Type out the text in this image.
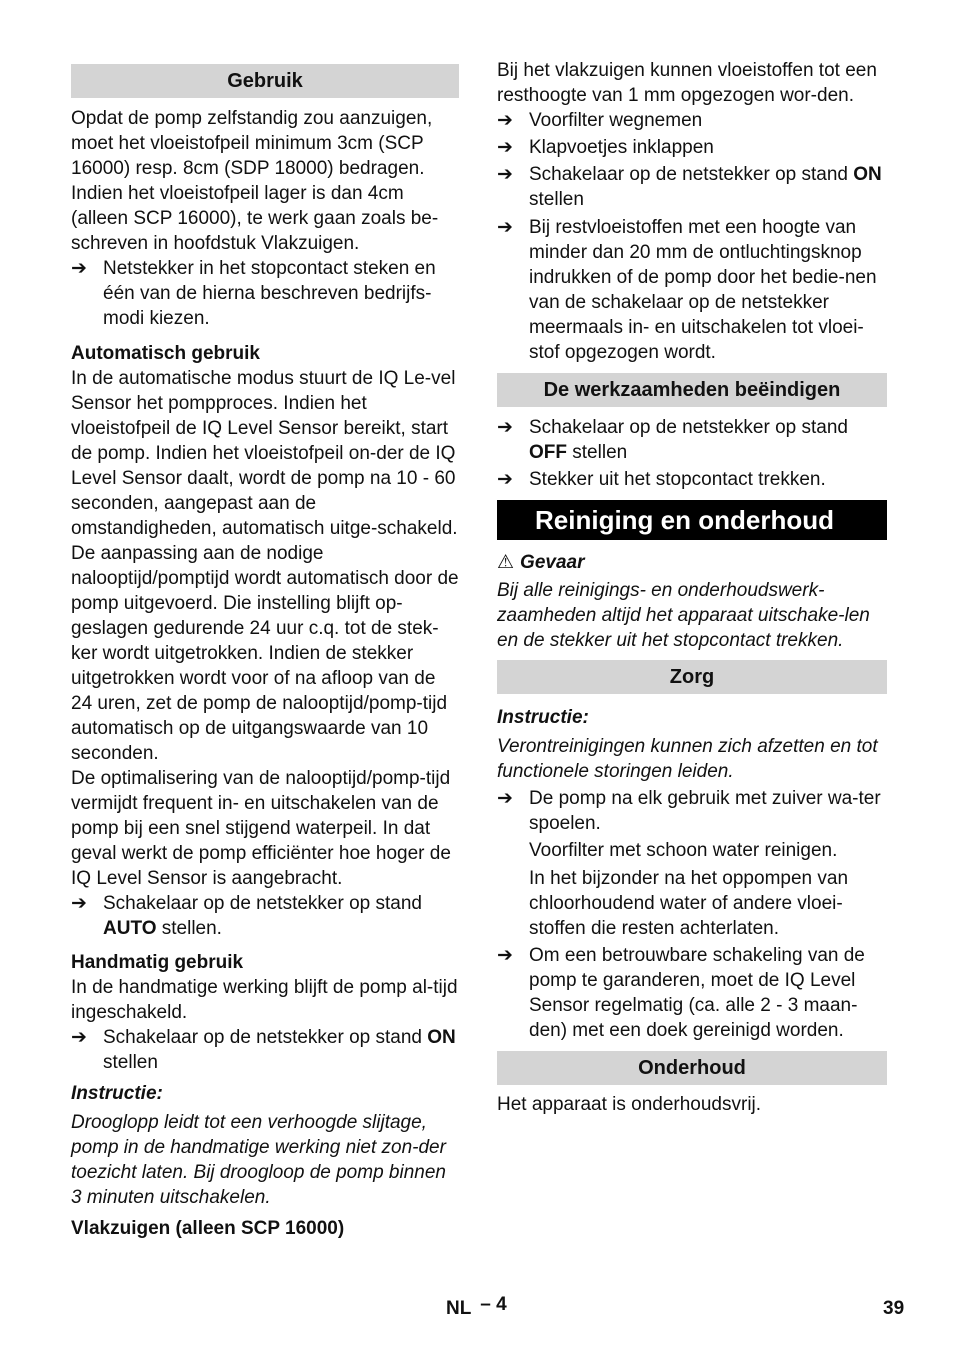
Gebruik

Opdat de pomp zelfstandig zou aanzuigen, moet het vloeistofpeil minimum 3cm (SCP 16000) resp. 8cm (SDP 18000) bedragen. Indien het vloeistofpeil lager is dan 4cm (alleen SCP 16000), te werk gaan zoals be-schreven in hoofdstuk Vlakzuigen.

➔ Netstekker in het stopcontact steken en één van de hierna beschreven bedrijfs-modi kiezen.

Automatisch gebruik

In de automatische modus stuurt de IQ Le-vel Sensor het pompproces. Indien het vloeistofpeil de IQ Level Sensor bereikt, start de pomp. Indien het vloeistofpeil on-der de IQ Level Sensor daalt, wordt de pomp na 10 - 60 seconden, aangepast aan de omstandigheden, automatisch uitge-schakeld. De aanpassing aan de nodige nalooptijd/pomptijd wordt automatisch door de pomp uitgevoerd. Die instelling blijft op-geslagen gedurende 24 uur c.q. tot de stek-ker wordt uitgetrokken. Indien de stekker uitgetrokken wordt voor of na afloop van de 24 uren, zet de pomp de nalooptijd/pomp-tijd automatisch op de uitgangswaarde van 10 seconden.

De optimalisering van de nalooptijd/pomp-tijd vermijdt frequent in- en uitschakelen van de pomp bij een snel stijgend waterpeil. In dat geval werkt de pomp efficiënter hoe hoger de IQ Level Sensor is aangebracht.

➔ Schakelaar op de netstekker op stand AUTO stellen.

Handmatig gebruik

In de handmatige werking blijft de pomp al-tijd ingeschakeld.

➔ Schakelaar op de netstekker op stand ON stellen

Instructie:

Drooglopp leidt tot een verhoogde slijtage, pomp in de handmatige werking niet zon-der toezicht laten. Bij droogloop de pomp binnen 3 minuten uitschakelen.

Vlakzuigen (alleen SCP 16000)

Bij het vlakzuigen kunnen vloeistoffen tot een resthoogte van 1 mm opgezogen wor-den.

➔ Voorfilter wegnemen
➔ Klapvoetjes inklappen
➔ Schakelaar op de netstekker op stand ON stellen
➔ Bij restvloeistoffen met een hoogte van minder dan 20 mm de ontluchtingsknop indrukken of de pomp door het bedie-nen van de schakelaar op de netstekker meermaals in- en uitschakelen tot vloei-stof opgezogen wordt.
De werkzaamheden beëindigen
➔ Schakelaar op de netstekker op stand OFF stellen
➔ Stekker uit het stopcontact trekken.
Reiniging en onderhoud

⚠ Gevaar

Bij alle reinigings- en onderhoudswerk-zaamheden altijd het apparaat uitschake-len en de stekker uit het stopcontact trekken.

Zorg

Instructie:

Verontreinigingen kunnen zich afzetten en tot functionele storingen leiden.

➔ De pomp na elk gebruik met zuiver wa-ter spoelen.

Voorfilter met schoon water reinigen.

In het bijzonder na het oppompen van chloorhoudend water of andere vloei-stoffen die resten achterlaten.

➔ Om een betrouwbare schakeling van de pomp te garanderen, moet de IQ Level Sensor regelmatig (ca. alle 2 - 3 maan-den) met een doek gereinigd worden.
Onderhoud

Het apparaat is onderhoudsvrij.

NL – 4	39
